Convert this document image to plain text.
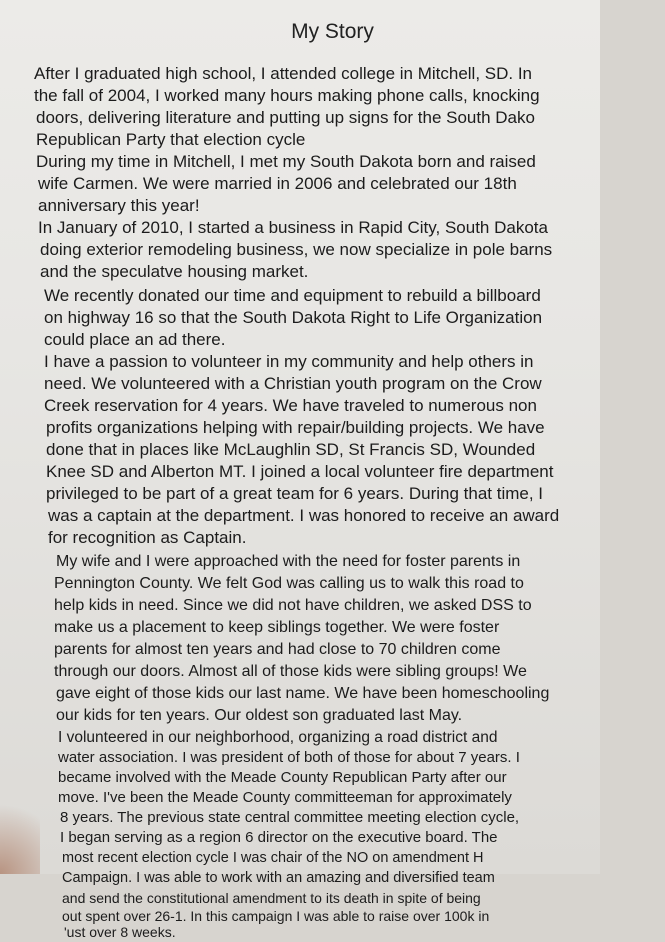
My Story
After I graduated high school, I attended college in Mitchell, SD. In
the fall of 2004, I worked many hours making phone calls, knocking
doors, delivering literature and putting up signs for the South Dako
Republican Party that election cycle
During my time in Mitchell, I met my South Dakota born and raised
wife Carmen. We were married in 2006 and celebrated our 18th
anniversary this year!
In January of 2010, I started a business in Rapid City, South Dakota
doing exterior remodeling business, we now specialize in pole barns
and the speculatve housing market.
We recently donated our time and equipment to rebuild a billboard
on highway 16 so that the South Dakota Right to Life Organization
could place an ad there.
I have a passion to volunteer in my community and help others in
need. We volunteered with a Christian youth program on the Crow
Creek reservation for 4 years. We have traveled to numerous non
profits organizations helping with repair/building projects. We have
done that in places like McLaughlin SD, St Francis SD, Wounded
Knee SD and Alberton MT. I joined a local volunteer fire department
privileged to be part of a great team for 6 years. During that time, I
was a captain at the department. I was honored to receive an award
for recognition as Captain.
My wife and I were approached with the need for foster parents in
Pennington County. We felt God was calling us to walk this road to
help kids in need. Since we did not have children, we asked DSS to
make us a placement to keep siblings together. We were foster
parents for almost ten years and had close to 70 children come
through our doors. Almost all of those kids were sibling groups! We
gave eight of those kids our last name. We have been homeschooling
our kids for ten years. Our oldest son graduated last May.
I volunteered in our neighborhood, organizing a road district and
water association. I was president of both of those for about 7 years. I
became involved with the Meade County Republican Party after our
move. I've been the Meade County committeeman for approximately
8 years. The previous state central committee meeting election cycle,
I began serving as a region 6 director on the executive board. The
most recent election cycle I was chair of the NO on amendment H
Campaign. I was able to work with an amazing and diversified team
and send the constitutional amendment to its death in spite of being
out spent over 26-1. In this campaign I was able to raise over 100k in
'ust over 8 weeks.
